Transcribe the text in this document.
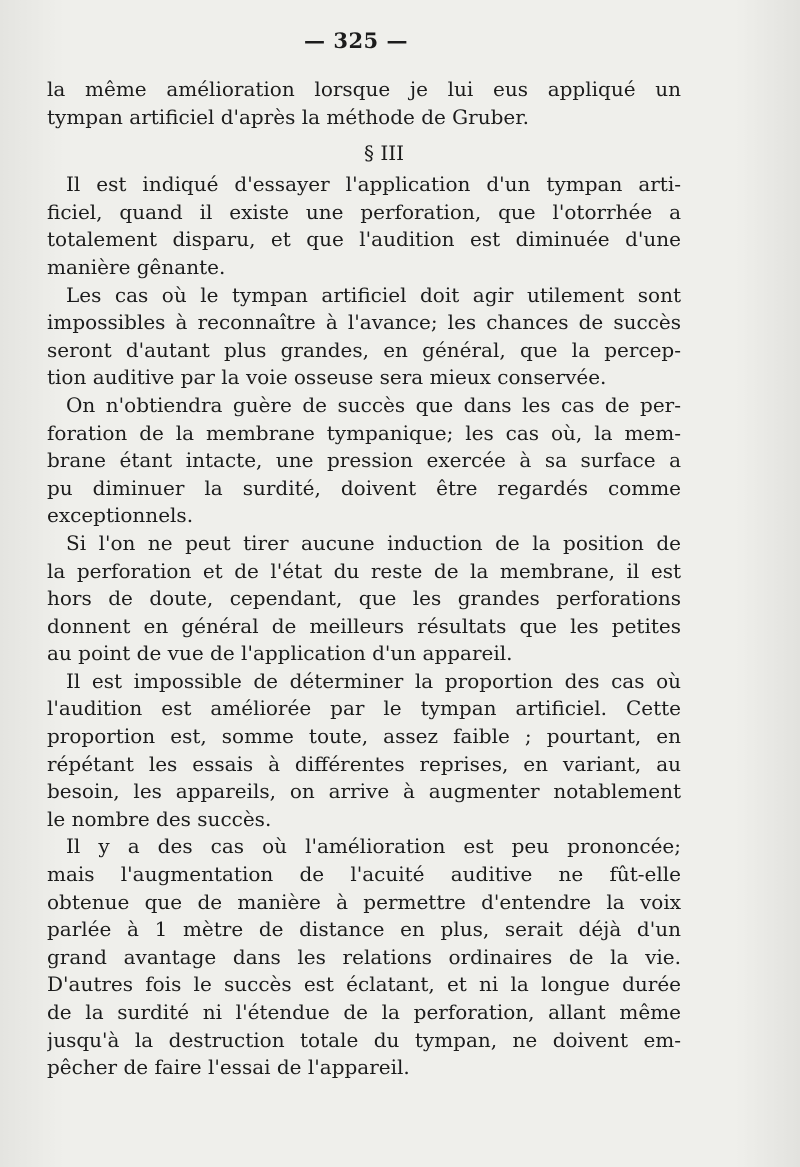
— 325 —
la même amélioration lorsque je lui eus appliqué un
tympan artificiel d'après la méthode de Gruber.
§ III
Il est indiqué d'essayer l'application d'un tympan arti-
ficiel, quand il existe une perforation, que l'otorrhée a
totalement disparu, et que l'audition est diminuée d'une
manière gênante.
Les cas où le tympan artificiel doit agir utilement sont
impossibles à reconnaître à l'avance; les chances de succès
seront d'autant plus grandes, en général, que la percep-
tion auditive par la voie osseuse sera mieux conservée.
On n'obtiendra guère de succès que dans les cas de per-
foration de la membrane tympanique; les cas où, la mem-
brane étant intacte, une pression exercée à sa surface a
pu diminuer la surdité, doivent être regardés comme
exceptionnels.
Si l'on ne peut tirer aucune induction de la position de
la perforation et de l'état du reste de la membrane, il est
hors de doute, cependant, que les grandes perforations
donnent en général de meilleurs résultats que les petites
au point de vue de l'application d'un appareil.
Il est impossible de déterminer la proportion des cas où
l'audition est améliorée par le tympan artificiel. Cette
proportion est, somme toute, assez faible ; pourtant, en
répétant les essais à différentes reprises, en variant, au
besoin, les appareils, on arrive à augmenter notablement
le nombre des succès.
Il y a des cas où l'amélioration est peu prononcée;
mais l'augmentation de l'acuité auditive ne fût-elle
obtenue que de manière à permettre d'entendre la voix
parlée à 1 mètre de distance en plus, serait déjà d'un
grand avantage dans les relations ordinaires de la vie.
D'autres fois le succès est éclatant, et ni la longue durée
de la surdité ni l'étendue de la perforation, allant même
jusqu'à la destruction totale du tympan, ne doivent em-
pêcher de faire l'essai de l'appareil.
